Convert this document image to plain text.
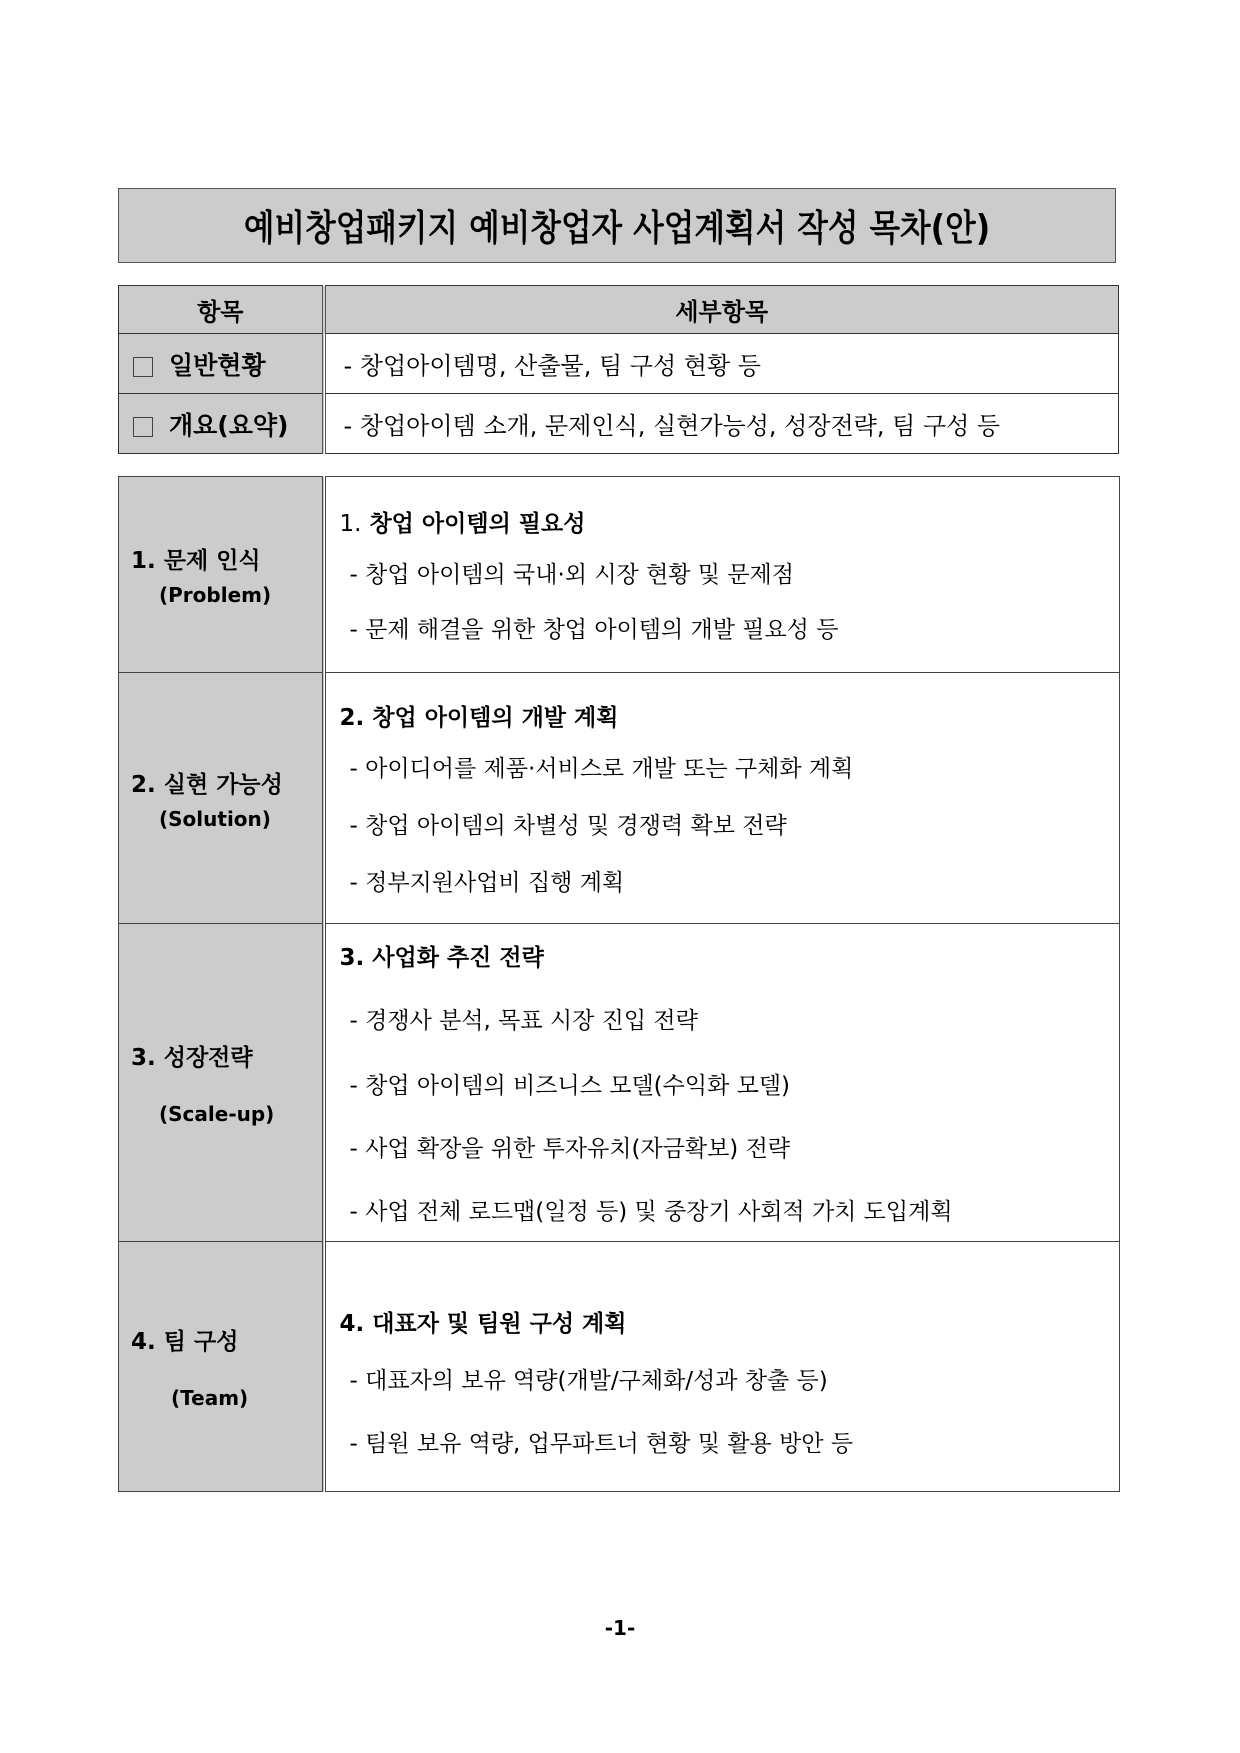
예비창업패키지 예비창업자 사업계획서 작성 목차(안)
항목	세부항목
일반현황	- 창업아이템명, 산출물, 팀 구성 현황 등
개요(요약)	- 창업아이템 소개, 문제인식, 실현가능성, 성장전략, 팀 구성 등
1. 문제 인식
(Problem)	1. 창업 아이템의 필요성
- 창업 아이템의 국내·외 시장 현황 및 문제점
- 문제 해결을 위한 창업 아이템의 개발 필요성 등

2. 실현 가능성
(Solution)	2. 창업 아이템의 개발 계획
- 아이디어를 제품·서비스로 개발 또는 구체화 계획
- 창업 아이템의 차별성 및 경쟁력 확보 전략
- 정부지원사업비 집행 계획

3. 성장전략
(Scale-up)	3. 사업화 추진 전략
- 경쟁사 분석, 목표 시장 진입 전략
- 창업 아이템의 비즈니스 모델(수익화 모델)
- 사업 확장을 위한 투자유치(자금확보) 전략
- 사업 전체 로드맵(일정 등) 및 중장기 사회적 가치 도입계획

4. 팀 구성
(Team)	4. 대표자 및 팀원 구성 계획
- 대표자의 보유 역량(개발/구체화/성과 창출 등)
- 팀원 보유 역량, 업무파트너 현황 및 활용 방안 등
-1-
